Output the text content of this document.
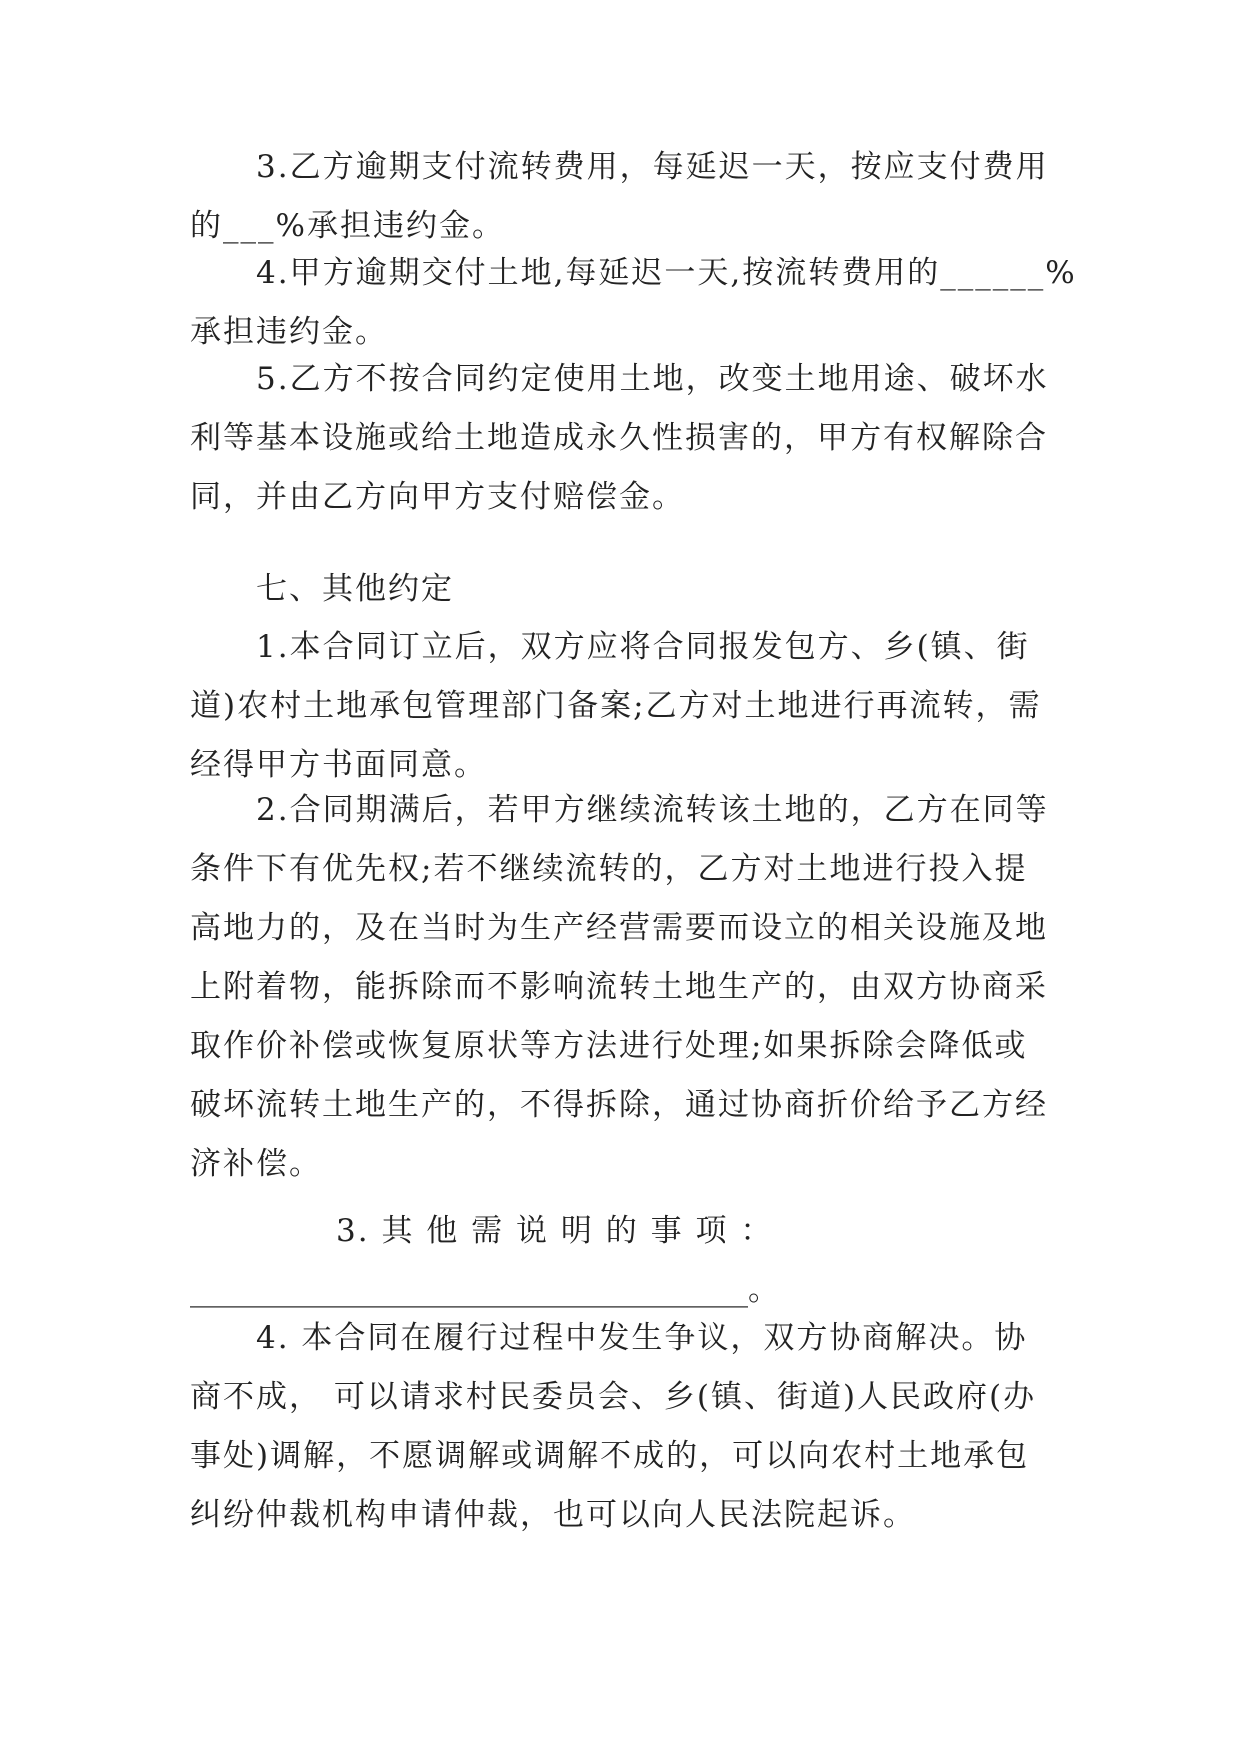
3.乙方逾期支付流转费用，每延迟一天，按应支付费用
的___%承担违约金。
4.甲方逾期交付土地,每延迟一天,按流转费用的______%
承担违约金。
5.乙方不按合同约定使用土地，改变土地用途、破坏水
利等基本设施或给土地造成永久性损害的，甲方有权解除合
同，并由乙方向甲方支付赔偿金。
七、其他约定
1.本合同订立后，双方应将合同报发包方、乡(镇、街
道)农村土地承包管理部门备案;乙方对土地进行再流转，需
经得甲方书面同意。
2.合同期满后，若甲方继续流转该土地的，乙方在同等
条件下有优先权;若不继续流转的，乙方对土地进行投入提
高地力的，及在当时为生产经营需要而设立的相关设施及地
上附着物，能拆除而不影响流转土地生产的，由双方协商采
取作价补偿或恢复原状等方法进行处理;如果拆除会降低或
破坏流转土地生产的，不得拆除，通过协商折价给予乙方经
济补偿。
3. 其 他 需 说 明 的 事 项 ：
____________________________________。
4. 本合同在履行过程中发生争议，双方协商解决。协
商不成， 可以请求村民委员会、乡(镇、街道)人民政府(办
事处)调解，不愿调解或调解不成的，可以向农村土地承包
纠纷仲裁机构申请仲裁，也可以向人民法院起诉。
